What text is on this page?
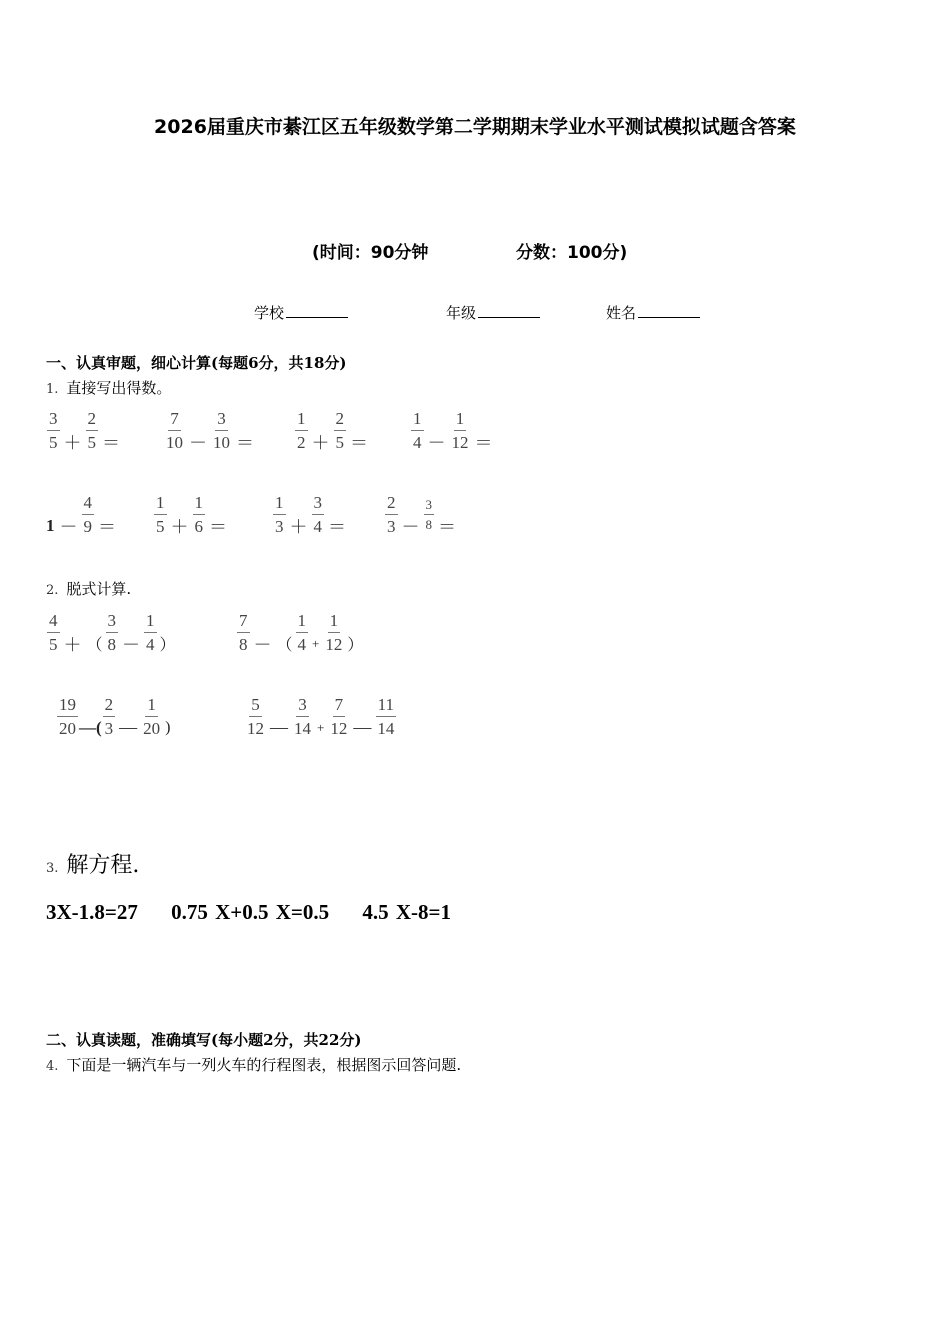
2026届重庆市綦江区五年级数学第二学期期末学业水平测试模拟试题含答案
(时间：90分钟	分数：100分)
学校	年级	姓名
一、认真审题，细心计算(每题6分，共18分)
1. 直接写出得数。
$\frac{3}{5} + \frac{2}{5}$ ＝	$\frac{7}{10} - \frac{3}{10} = \frac{1}{2} + \frac{2}{5}$ ＝	$\frac{1}{4} - \frac{1}{12}$ ＝
$1 - \frac{4}{9} = \frac{1}{5} + \frac{1}{6}$ ＝	$\frac{1}{3} + \frac{3}{4} = \frac{2}{3} - \frac{3}{8}$ ＝
2. 脱式计算.
$\frac{4}{5}$ ＋ （ $\frac{3}{8} - \frac{1}{4}$ ）	$\frac{7}{8}$ － （ $\frac{1}{4} + \frac{1}{12}$ ）
$\frac{19}{20}$ —( $\frac{2}{3}$ — $\frac{1}{20}$ )	$\frac{5}{12}$ — $\frac{3}{14} + \frac{7}{12}$ — $\frac{11}{14}$
3. 解方程.
3X-1.8=27 0.75 X+0.5 X=0.5 4.5 X-8=1
二、认真读题，准确填写(每小题2分，共22分)
4. 下面是一辆汽车与一列火车的行程图表，根据图示回答问题.
